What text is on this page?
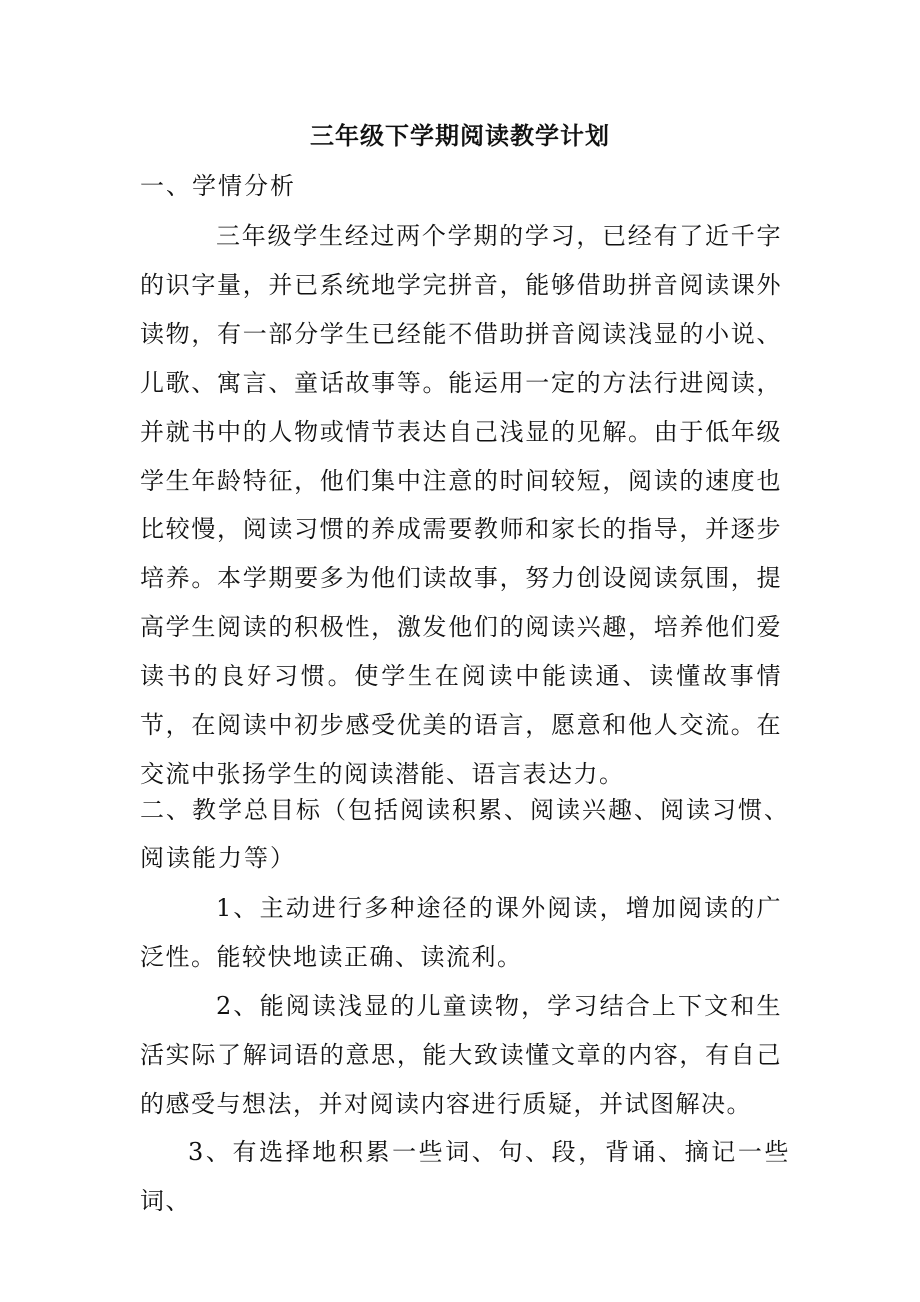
三年级下学期阅读教学计划
一、学情分析

三年级学生经过两个学期的学习，已经有了近千字的识字量，并已系统地学完拼音，能够借助拼音阅读课外读物，有一部分学生已经能不借助拼音阅读浅显的小说、儿歌、寓言、童话故事等。能运用一定的方法行进阅读，并就书中的人物或情节表达自己浅显的见解。由于低年级学生年龄特征，他们集中注意的时间较短，阅读的速度也比较慢，阅读习惯的养成需要教师和家长的指导，并逐步培养。本学期要多为他们读故事，努力创设阅读氛围，提高学生阅读的积极性，激发他们的阅读兴趣，培养他们爱读书的良好习惯。使学生在阅读中能读通、读懂故事情节，在阅读中初步感受优美的语言，愿意和他人交流。在交流中张扬学生的阅读潜能、语言表达力。

二、教学总目标（包括阅读积累、阅读兴趣、阅读习惯、阅读能力等）

1、主动进行多种途径的课外阅读，增加阅读的广泛性。能较快地读正确、读流利。

2、能阅读浅显的儿童读物，学习结合上下文和生活实际了解词语的意思，能大致读懂文章的内容，有自己的感受与想法，并对阅读内容进行质疑，并试图解决。

3、有选择地积累一些词、句、段，背诵、摘记一些词、
